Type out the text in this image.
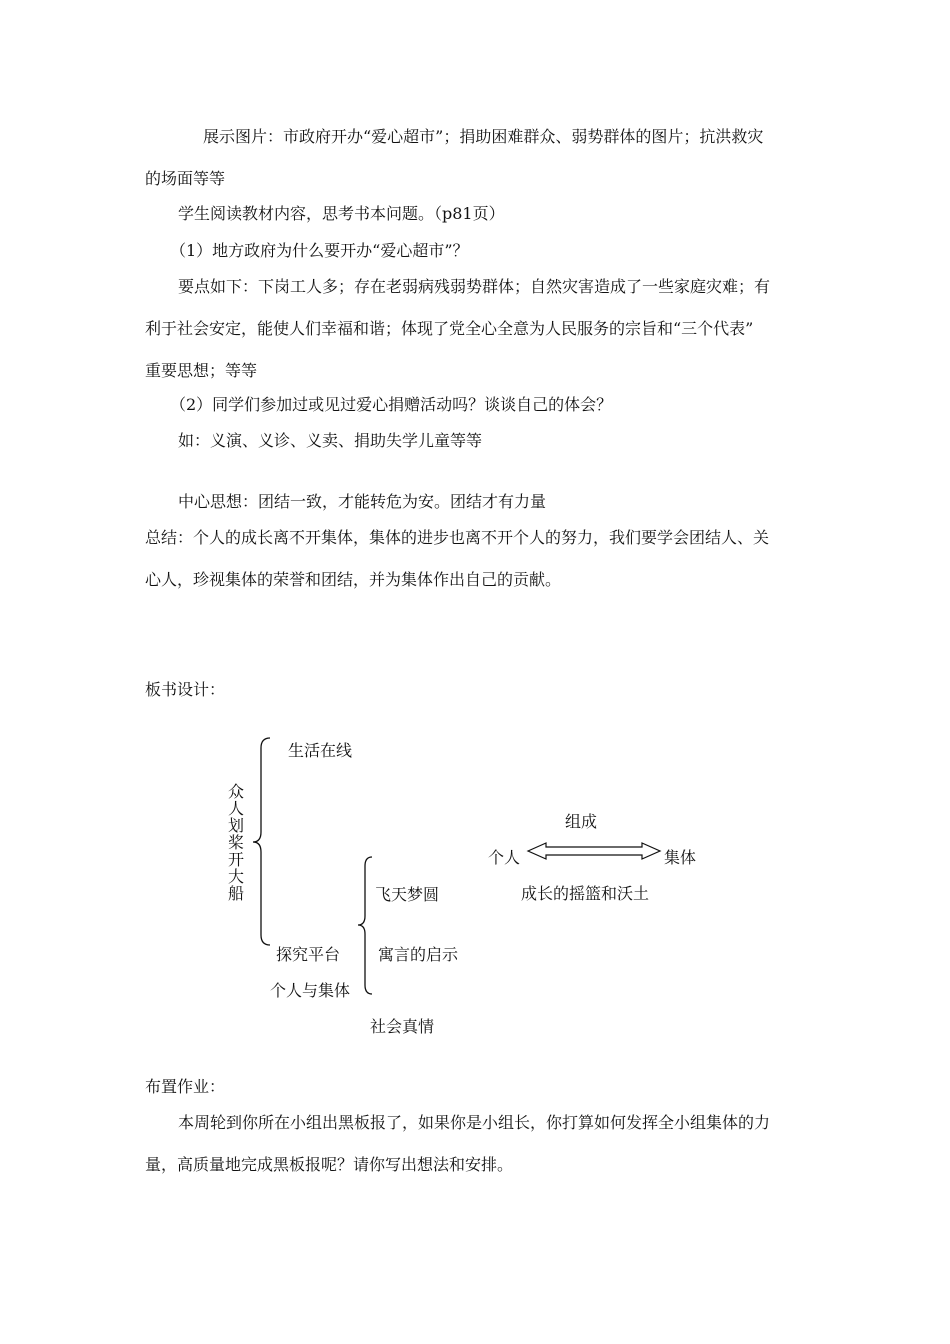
展示图片：市政府开办“爱心超市”；捐助困难群众、弱势群体的图片；抗洪救灾
的场面等等
学生阅读教材内容，思考书本问题。（p81页）
（1）地方政府为什么要开办“爱心超市”？
要点如下：下岗工人多；存在老弱病残弱势群体；自然灾害造成了一些家庭灾难；有
利于社会安定，能使人们幸福和谐；体现了党全心全意为人民服务的宗旨和“三个代表”
重要思想；等等
（2）同学们参加过或见过爱心捐赠活动吗？谈谈自己的体会？
如：义演、义诊、义卖、捐助失学儿童等等
中心思想：团结一致，才能转危为安。团结才有力量
总结：个人的成长离不开集体，集体的进步也离不开个人的努力，我们要学会团结人、关
心人，珍视集体的荣誉和团结，并为集体作出自己的贡献。
板书设计：
众
人
划
桨
开
大
船
生活在线
探究平台
个人与集体
飞天梦圆
寓言的启示
社会真情
组成
个人	集体
成长的摇篮和沃土
布置作业：
本周轮到你所在小组出黑板报了，如果你是小组长，你打算如何发挥全小组集体的力
量，高质量地完成黑板报呢？请你写出想法和安排。
